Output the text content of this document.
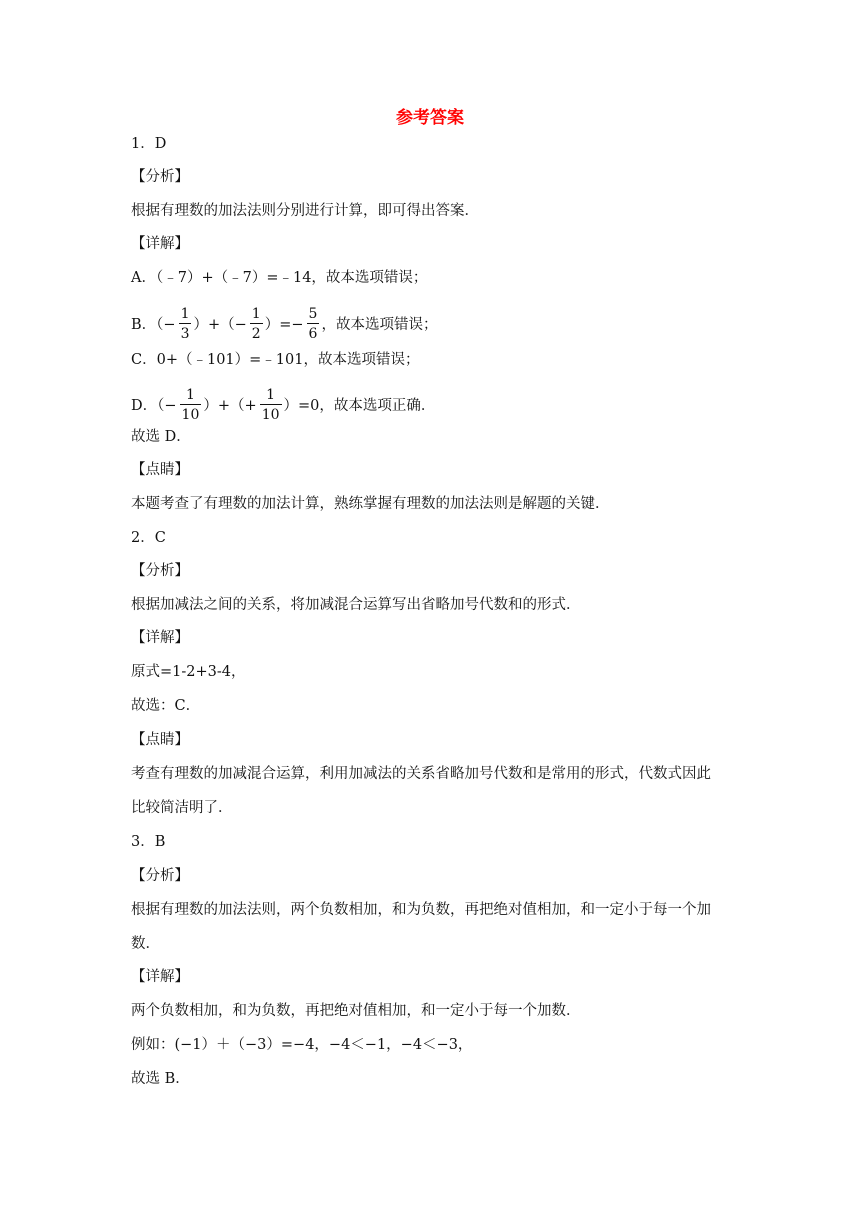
参考答案
1．D
【分析】
根据有理数的加法法则分别进行计算，即可得出答案．
【详解】
A．（﹣7）+（﹣7）=﹣14，故本选项错误；
B．（− $\frac{1}{3}$ ）+（− $\frac{1}{2}$ ）=− $\frac{5}{6}$ ，故本选项错误；
C．0+（﹣101）=﹣101，故本选项错误；
D．（− $\frac{1}{10}$ ）+（+ $\frac{1}{10} )=0$，故本选项正确．
故选 D．
【点睛】
本题考查了有理数的加法计算，熟练掌握有理数的加法法则是解题的关键．
2．C
【分析】
根据加减法之间的关系，将加减混合运算写出省略加号代数和的形式．
【详解】
原式=1-2+3-4，
故选：C．
【点睛】
考查有理数的加减混合运算，利用加减法的关系省略加号代数和是常用的形式，代数式因此
比较简洁明了．
3．B
【分析】
根据有理数的加法法则，两个负数相加，和为负数，再把绝对值相加，和一定小于每一个加
数．
【详解】
两个负数相加，和为负数，再把绝对值相加，和一定小于每一个加数．
例如：(−1）＋（−3）=−4，−4＜−1，−4＜−3，
故选 B．
